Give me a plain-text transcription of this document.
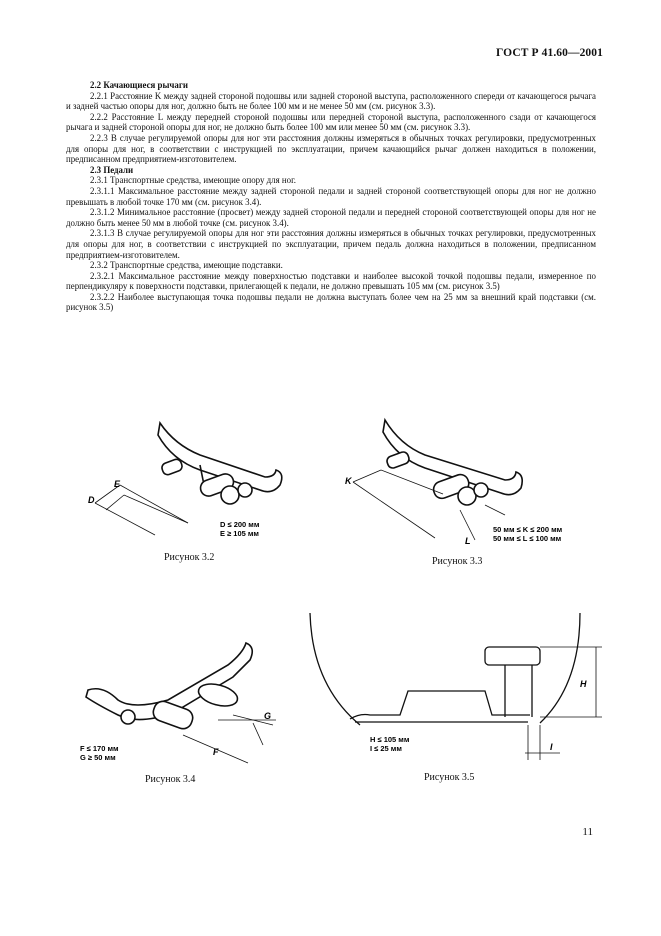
ГОСТ Р 41.60—2001

2.2 Качающиеся рычаги

2.2.1 Расстояние K между задней стороной подошвы или задней стороной выступа, расположенного спереди от качающегося рычага и задней частью опоры для ног, должно быть не более 100 мм и не менее 50 мм (см. рисунок 3.3).

2.2.2 Расстояние L между передней стороной подошвы или передней стороной выступа, расположенного сзади от качающегося рычага и задней стороной опоры для ног, не должно быть более 100 мм или менее 50 мм (см. рисунок 3.3).

2.2.3 В случае регулируемой опоры для ног эти расстояния должны измеряться в обычных точках регулировки, предусмотренных для опоры для ног, в соответствии с инструкцией по эксплуатации, причем качающийся рычаг должен находиться в положении, предписанном предприятием-изготовителем.

2.3 Педали

2.3.1 Транспортные средства, имеющие опору для ног.

2.3.1.1 Максимальное расстояние между задней стороной педали и задней стороной соответствующей опоры для ног не должно превышать в любой точке 170 мм (см. рисунок 3.4).

2.3.1.2 Минимальное расстояние (просвет) между задней стороной педали и передней стороной соответствующей опоры для ног не должно быть менее 50 мм в любой точке (см. рисунок 3.4).

2.3.1.3 В случае регулируемой опоры для ног эти расстояния должны измеряться в обычных точках регулировки, предусмотренных для опоры для ног, в соответствии с инструкцией по эксплуатации, причем педаль должна находиться в положении, предписанном предприятием-изготовителем.

2.3.2 Транспортные средства, имеющие подставки.

2.3.2.1 Максимальное расстояние между поверхностью подставки и наиболее высокой точкой подошвы педали, измеренное по перпендикуляру к поверхности подставки, прилегающей к педали, не должно превышать 105 мм (см. рисунок 3.5)

2.3.2.2 Наиболее выступающая точка подошвы педали не должна выступать более чем на 25 мм за внешний край подставки (см. рисунок 3.5)

D
E
D ≤ 200 мм
E ≥ 105 мм
Рисунок 3.2
K
L
50 мм ≤ K ≤ 200 мм
50 мм ≤ L ≤ 100 мм
Рисунок 3.3
G
F
F ≤ 170 мм
G ≥ 50 мм
Рисунок 3.4
H
I
H ≤ 105 мм
I ≤ 25 мм
Рисунок 3.5
11
